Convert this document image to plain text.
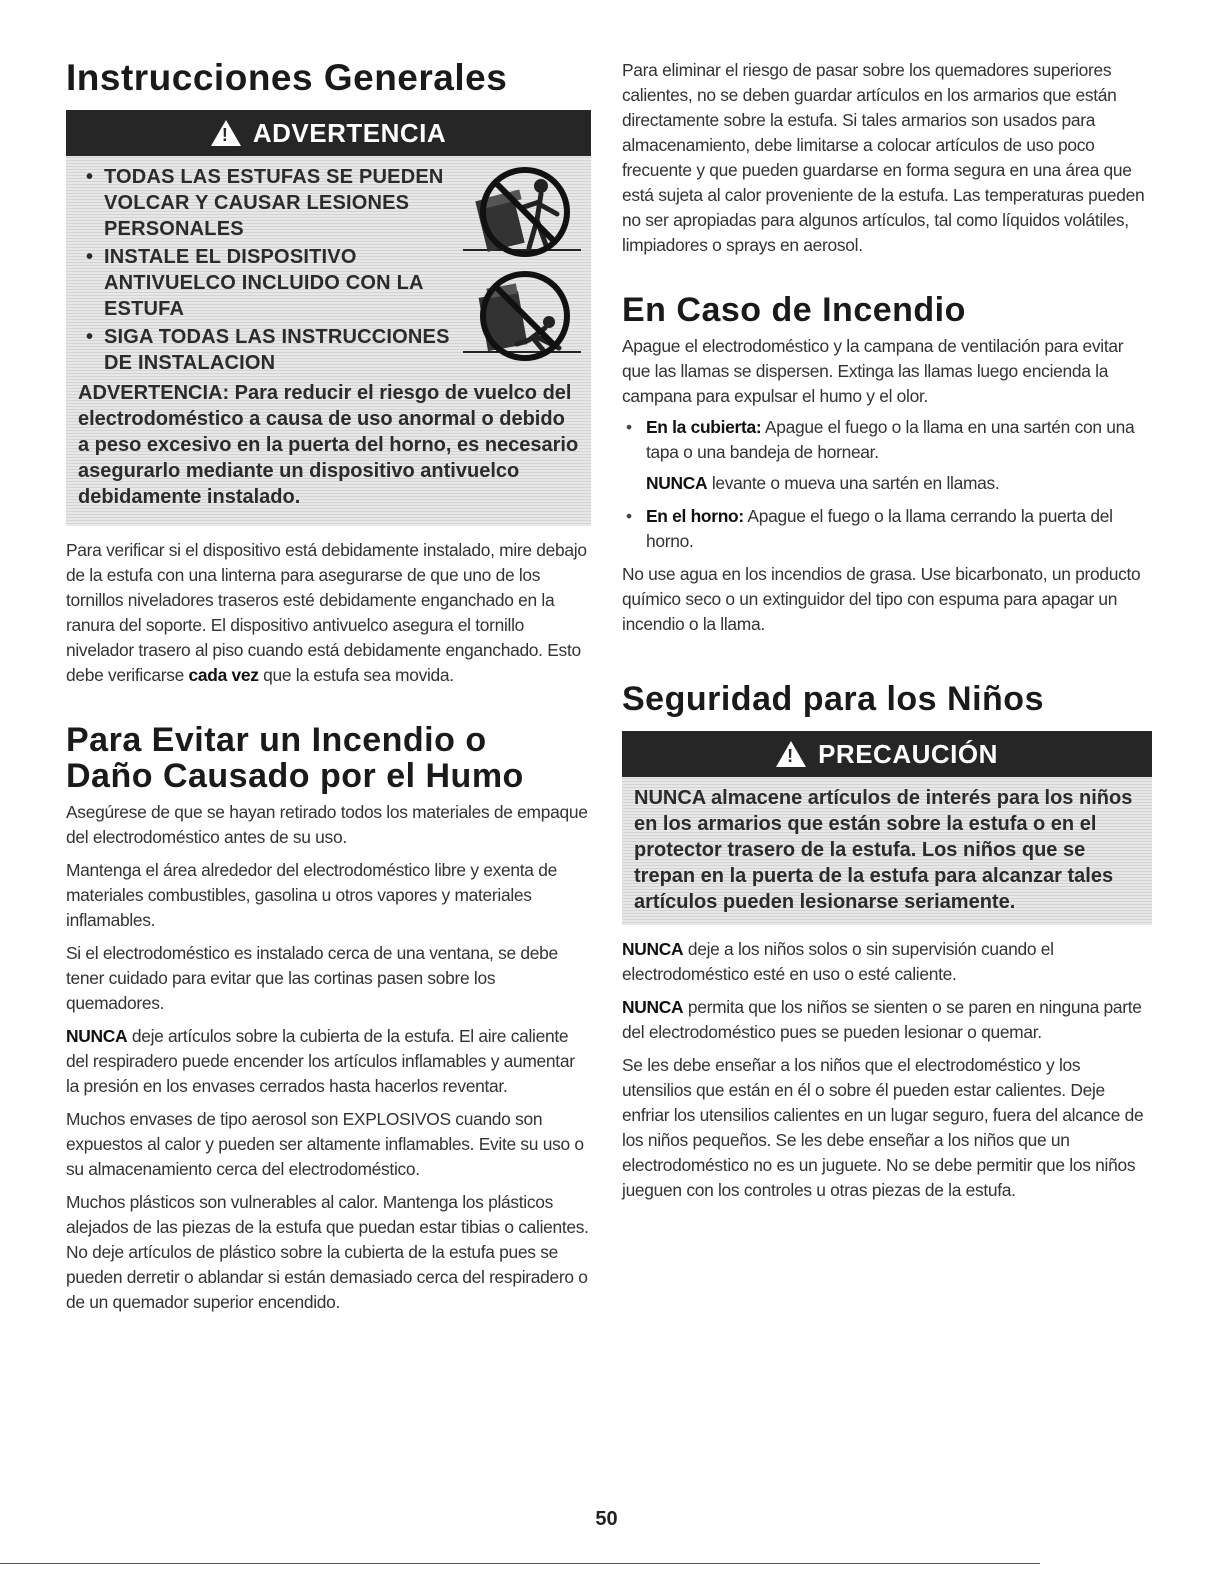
Instrucciones Generales
! ADVERTENCIA
• TODAS LAS ESTUFAS SE PUEDEN VOLCAR Y CAUSAR LESIONES PERSONALES
• INSTALE EL DISPOSITIVO ANTIVUELCO INCLUIDO CON LA ESTUFA
• SIGA TODAS LAS INSTRUCCIONES DE INSTALACION
ADVERTENCIA: Para reducir el riesgo de vuelco del electrodoméstico a causa de uso anormal o debido a peso excesivo en la puerta del horno, es necesario asegurarlo mediante un dispositivo antivuelco debidamente instalado.

Para verificar si el dispositivo está debidamente instalado, mire debajo de la estufa con una linterna para asegurarse de que uno de los tornillos niveladores traseros esté debidamente enganchado en la ranura del soporte. El dispositivo antivuelco asegura el tornillo nivelador trasero al piso cuando está debidamente enganchado. Esto debe verificarse cada vez que la estufa sea movida.

Para Evitar un Incendio o
Daño Causado por el Humo

Asegúrese de que se hayan retirado todos los materiales de empaque del electrodoméstico antes de su uso.

Mantenga el área alrededor del electrodoméstico libre y exenta de materiales combustibles, gasolina u otros vapores y materiales inflamables.

Si el electrodoméstico es instalado cerca de una ventana, se debe tener cuidado para evitar que las cortinas pasen sobre los quemadores.

NUNCA deje artículos sobre la cubierta de la estufa. El aire caliente del respiradero puede encender los artículos inflamables y aumentar la presión en los envases cerrados hasta hacerlos reventar.

Muchos envases de tipo aerosol son EXPLOSIVOS cuando son expuestos al calor y pueden ser altamente inflamables. Evite su uso o su almacenamiento cerca del electrodoméstico.

Muchos plásticos son vulnerables al calor. Mantenga los plásticos alejados de las piezas de la estufa que puedan estar tibias o calientes. No deje artículos de plástico sobre la cubierta de la estufa pues se pueden derretir o ablandar si están demasiado cerca del respiradero o de un quemador superior encendido.

Para eliminar el riesgo de pasar sobre los quemadores superiores calientes, no se deben guardar artículos en los armarios que están directamente sobre la estufa. Si tales armarios son usados para almacenamiento, debe limitarse a colocar artículos de uso poco frecuente y que pueden guardarse en forma segura en una área que está sujeta al calor proveniente de la estufa. Las temperaturas pueden no ser apropiadas para algunos artículos, tal como líquidos volátiles, limpiadores o sprays en aerosol.

En Caso de Incendio

Apague el electrodoméstico y la campana de ventilación para evitar que las llamas se dispersen. Extinga las llamas luego encienda la campana para expulsar el humo y el olor.

• En la cubierta: Apague el fuego o la llama en una sartén con una tapa o una bandeja de hornear.
NUNCA levante o mueva una sartén en llamas.
• En el horno: Apague el fuego o la llama cerrando la puerta del horno.

No use agua en los incendios de grasa. Use bicarbonato, un producto químico seco o un extinguidor del tipo con espuma para apagar un incendio o la llama.

Seguridad para los Niños
! PRECAUCIÓN
NUNCA almacene artículos de interés para los niños en los armarios que están sobre la estufa o en el protector trasero de la estufa. Los niños que se trepan en la puerta de la estufa para alcanzar tales artículos pueden lesionarse seriamente.

NUNCA deje a los niños solos o sin supervisión cuando el electrodoméstico esté en uso o esté caliente.

NUNCA permita que los niños se sienten o se paren en ninguna parte del electrodoméstico pues se pueden lesionar o quemar.

Se les debe enseñar a los niños que el electrodoméstico y los utensilios que están en él o sobre él pueden estar calientes. Deje enfriar los utensilios calientes en un lugar seguro, fuera del alcance de los niños pequeños. Se les debe enseñar a los niños que un electrodoméstico no es un juguete. No se debe permitir que los niños jueguen con los controles u otras piezas de la estufa.

50
